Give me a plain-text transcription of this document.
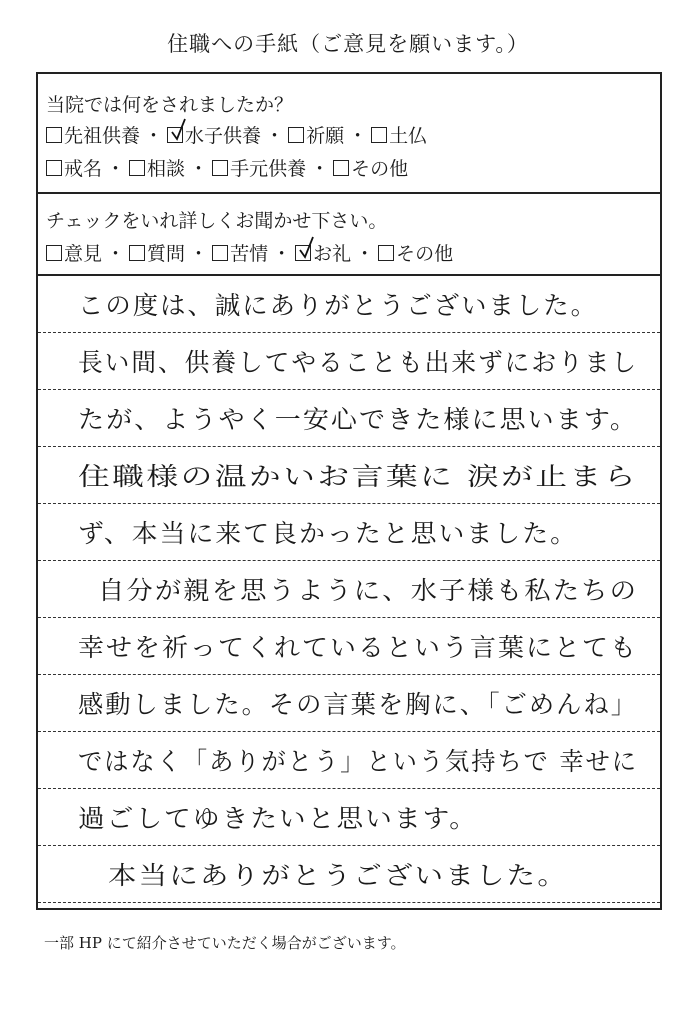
住職への手紙（ご意見を願います。）
当院では何をされましたか？
先祖供養 ・ 水子供養 ・ 祈願 ・ 土仏
戒名 ・ 相談 ・ 手元供養 ・ その他
チェックをいれ詳しくお聞かせ下さい。
意見 ・ 質問 ・ 苦情 ・ お礼 ・ その他
この度は、誠にありがとうございました。
長い間、供養してやることも出来ずにおりまし
たが、ようやく一安心できた様に思います。
住職様の温かいお言葉に 涙が止まら
ず、本当に来て良かったと思いました。
自分が親を思うように、水子様も私たちの
幸せを祈ってくれているという言葉にとても
感動しました。その言葉を胸に、「ごめんね」
ではなく「ありがとう」という気持ちで 幸せに
過ごしてゆきたいと思います。
本当にありがとうございました。
一部 HP にて紹介させていただく場合がございます。
